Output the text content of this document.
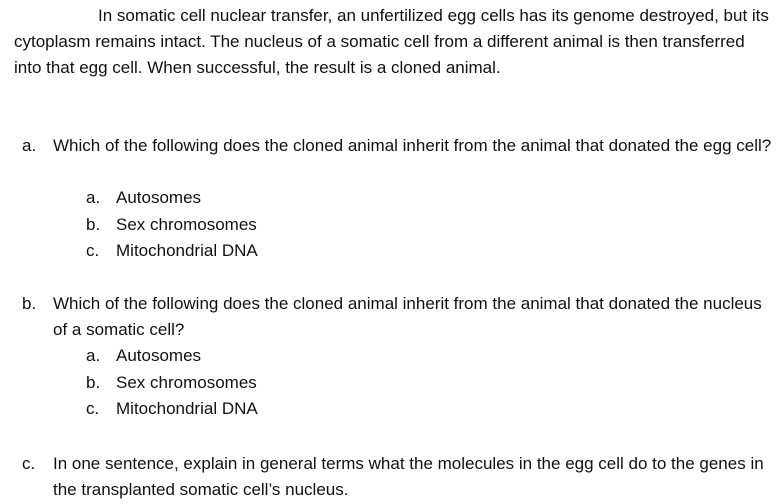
In somatic cell nuclear transfer, an unfertilized egg cells has its genome destroyed, but its cytoplasm remains intact. The nucleus of a somatic cell from a different animal is then transferred into that egg cell. When successful, the result is a cloned animal.

a. Which of the following does the cloned animal inherit from the animal that donated the egg cell?

a. Autosomes
b. Sex chromosomes
c. Mitochondrial DNA
b. Which of the following does the cloned animal inherit from the animal that donated the nucleus of a somatic cell?

a. Autosomes
b. Sex chromosomes
c. Mitochondrial DNA
c. In one sentence, explain in general terms what the molecules in the egg cell do to the genes in the transplanted somatic cell’s nucleus.
